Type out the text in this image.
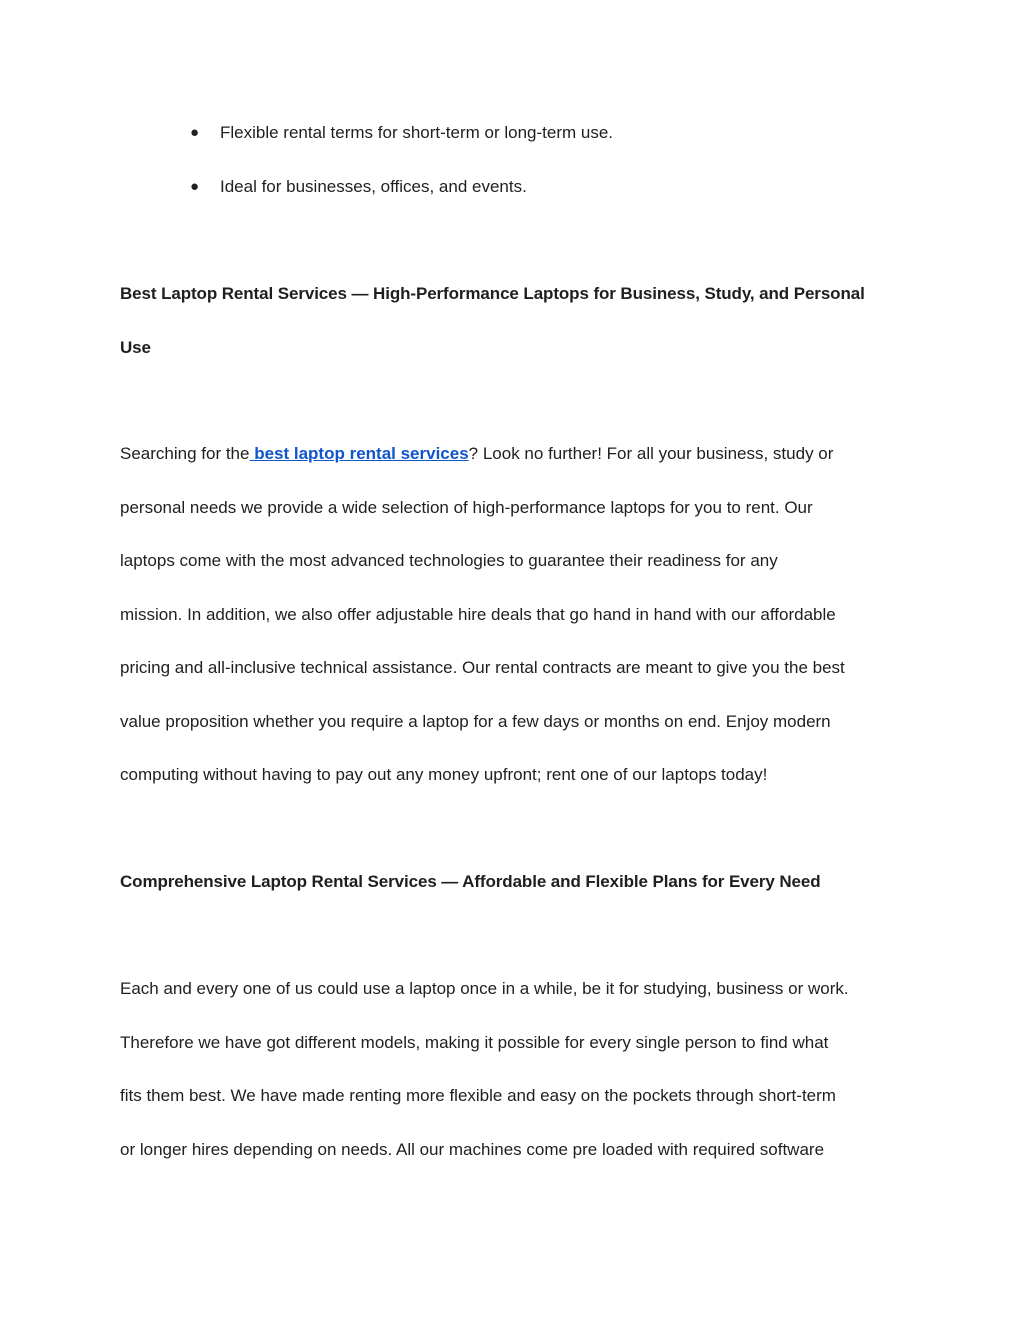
● Flexible rental terms for short-term or long-term use.
● Ideal for businesses, offices, and events.
Best Laptop Rental Services — High-Performance Laptops for Business, Study, and Personal
Use

Searching for the best laptop rental services? Look no further! For all your business, study or
personal needs we provide a wide selection of high-performance laptops for you to rent. Our
laptops come with the most advanced technologies to guarantee their readiness for any
mission. In addition, we also offer adjustable hire deals that go hand in hand with our affordable
pricing and all-inclusive technical assistance. Our rental contracts are meant to give you the best
value proposition whether you require a laptop for a few days or months on end. Enjoy modern
computing without having to pay out any money upfront; rent one of our laptops today!

Comprehensive Laptop Rental Services — Affordable and Flexible Plans for Every Need

Each and every one of us could use a laptop once in a while, be it for studying, business or work.
Therefore we have got different models, making it possible for every single person to find what
fits them best. We have made renting more flexible and easy on the pockets through short-term
or longer hires depending on needs. All our machines come pre loaded with required software
